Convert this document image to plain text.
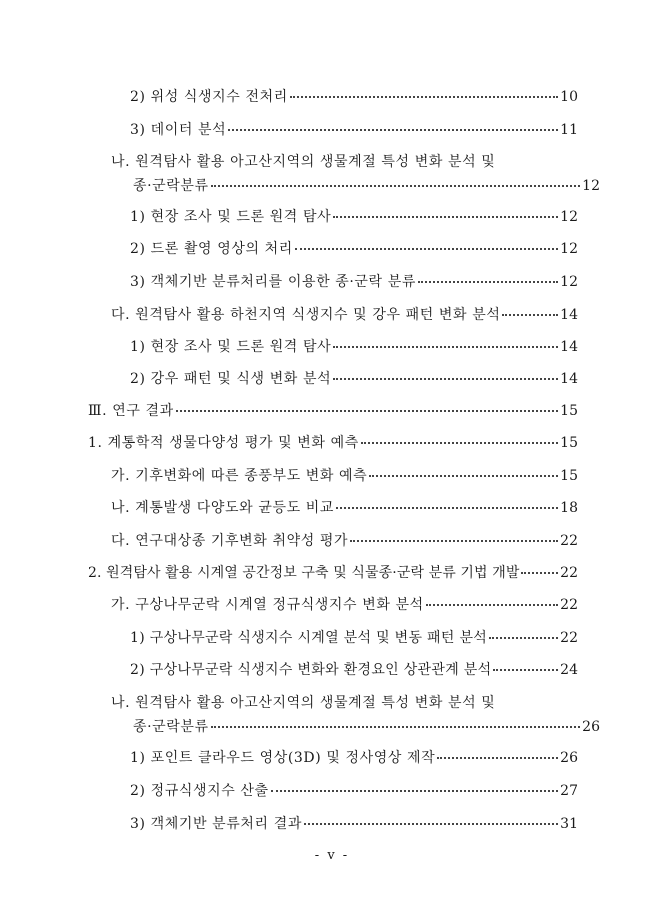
2) 위성 식생지수 전처리	10
3) 데이터 분석	11
나. 원격탐사 활용 아고산지역의 생물계절 특성 변화 분석 및
종·군락분류	12
1) 현장 조사 및 드론 원격 탐사	12
2) 드론 촬영 영상의 처리	12
3) 객체기반 분류처리를 이용한 종·군락 분류	12
다. 원격탐사 활용 하천지역 식생지수 및 강우 패턴 변화 분석	14
1) 현장 조사 및 드론 원격 탐사	14
2) 강우 패턴 및 식생 변화 분석	14
Ⅲ. 연구 결과	15
1. 계통학적 생물다양성 평가 및 변화 예측	15
가. 기후변화에 따른 종풍부도 변화 예측	15
나. 계통발생 다양도와 균등도 비교	18
다. 연구대상종 기후변화 취약성 평가	22
2. 원격탐사 활용 시계열 공간정보 구축 및 식물종·군락 분류 기법 개발	22
가. 구상나무군락 시계열 정규식생지수 변화 분석	22
1) 구상나무군락 식생지수 시계열 분석 및 변동 패턴 분석	22
2) 구상나무군락 식생지수 변화와 환경요인 상관관계 분석	24
나. 원격탐사 활용 아고산지역의 생물계절 특성 변화 분석 및
종·군락분류	26
1) 포인트 클라우드 영상(3D) 및 정사영상 제작	26
2) 정규식생지수 산출	27
3) 객체기반 분류처리 결과	31
- v -
